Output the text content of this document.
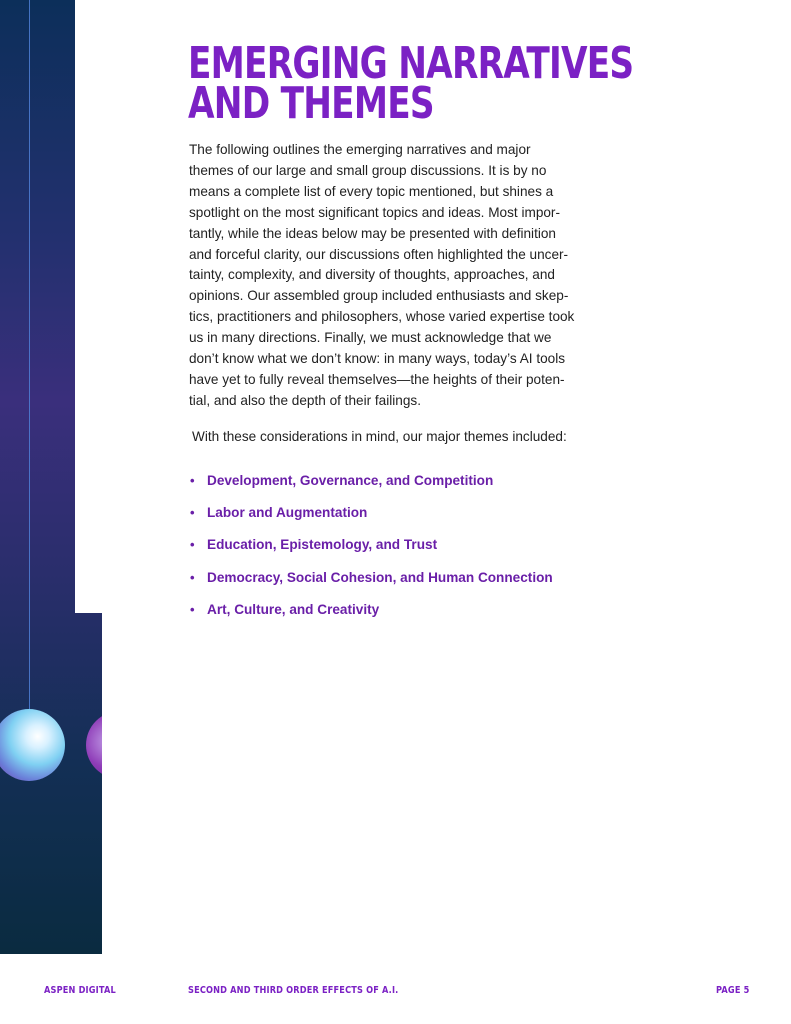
EMERGING NARRATIVES
AND THEMES

The following outlines the emerging narratives and major
themes of our large and small group discussions. It is by no
means a complete list of every topic mentioned, but shines a
spotlight on the most significant topics and ideas. Most impor-
tantly, while the ideas below may be presented with definition
and forceful clarity, our discussions often highlighted the uncer-
tainty, complexity, and diversity of thoughts, approaches, and
opinions. Our assembled group included enthusiasts and skep-
tics, practitioners and philosophers, whose varied expertise took
us in many directions. Finally, we must acknowledge that we
don’t know what we don’t know: in many ways, today’s AI tools
have yet to fully reveal themselves—the heights of their poten-
tial, and also the depth of their failings.

With these considerations in mind, our major themes included:

• Development, Governance, and Competition
• Labor and Augmentation
• Education, Epistemology, and Trust
• Democracy, Social Cohesion, and Human Connection
• Art, Culture, and Creativity
ASPEN DIGITAL	SECOND AND THIRD ORDER EFFECTS OF A.I.	PAGE 5
